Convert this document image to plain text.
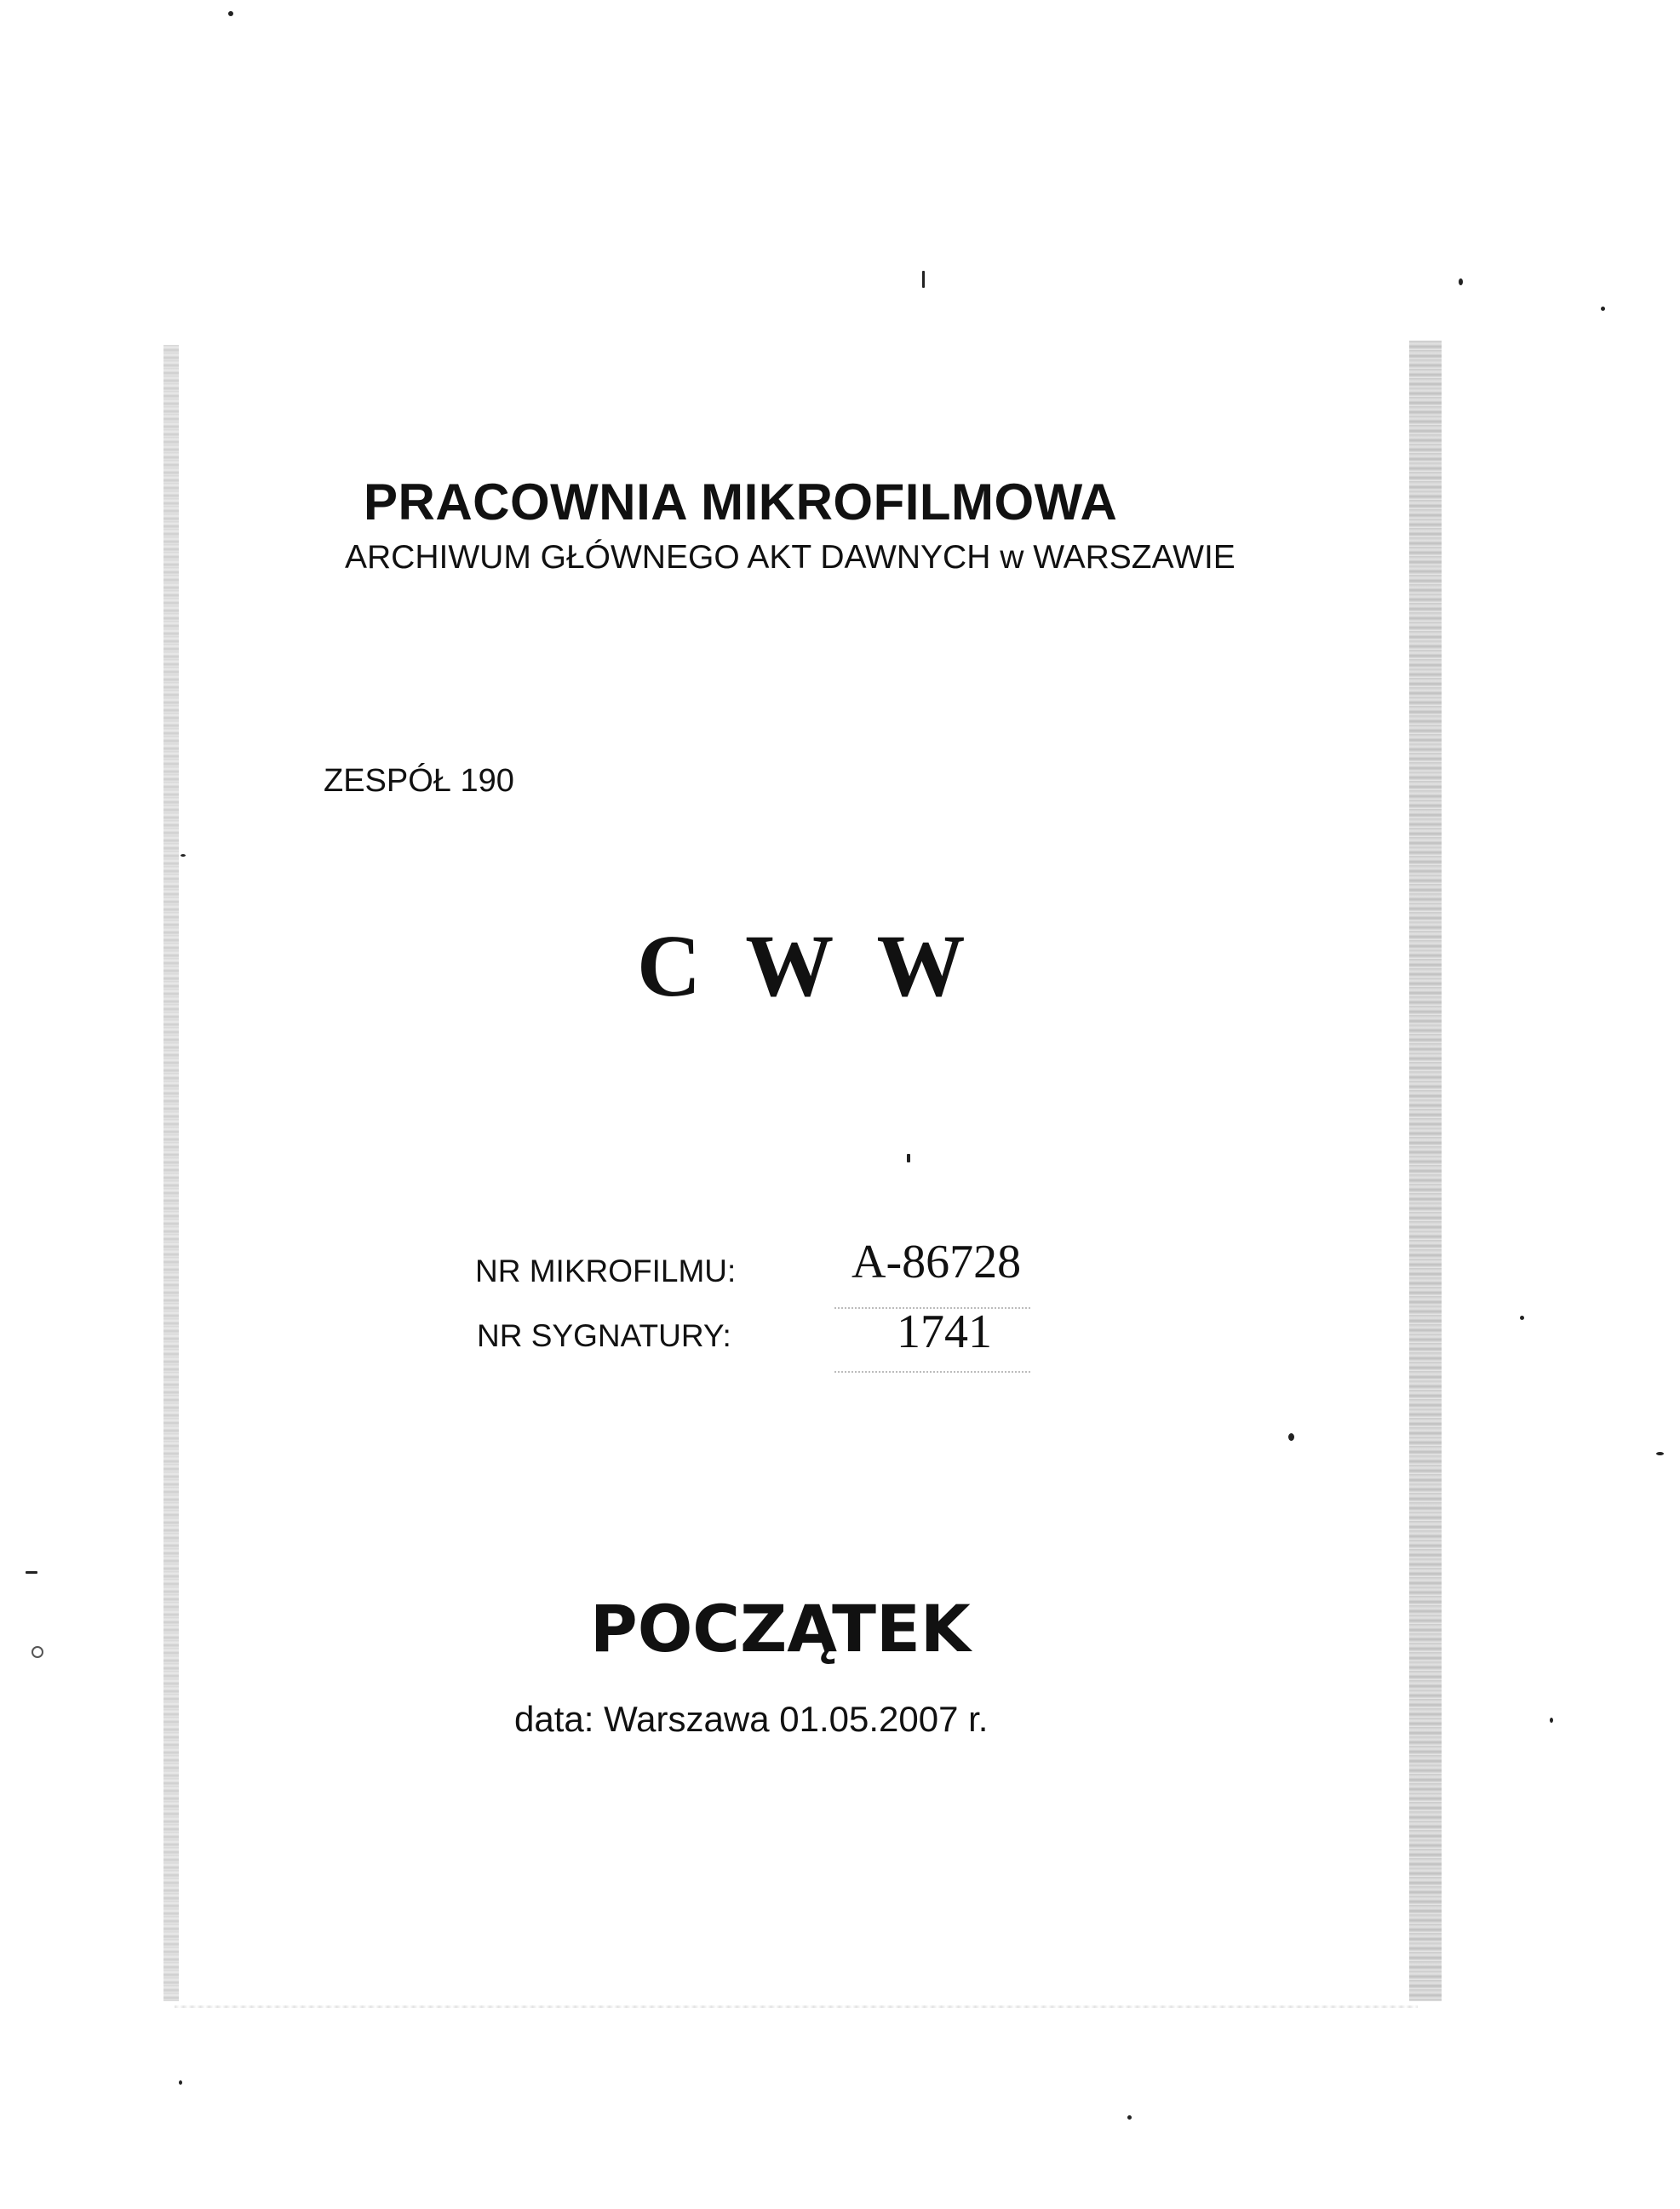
PRACOWNIA MIKROFILMOWA

ARCHIWUM GŁÓWNEGO AKT DAWNYCH w WARSZAWIE

ZESPÓŁ 190

C W W

NR MIKROFILMU: A-86728

NR SYGNATURY:	1741

POCZĄTEK

data: Warszawa 01.05.2007 r.
